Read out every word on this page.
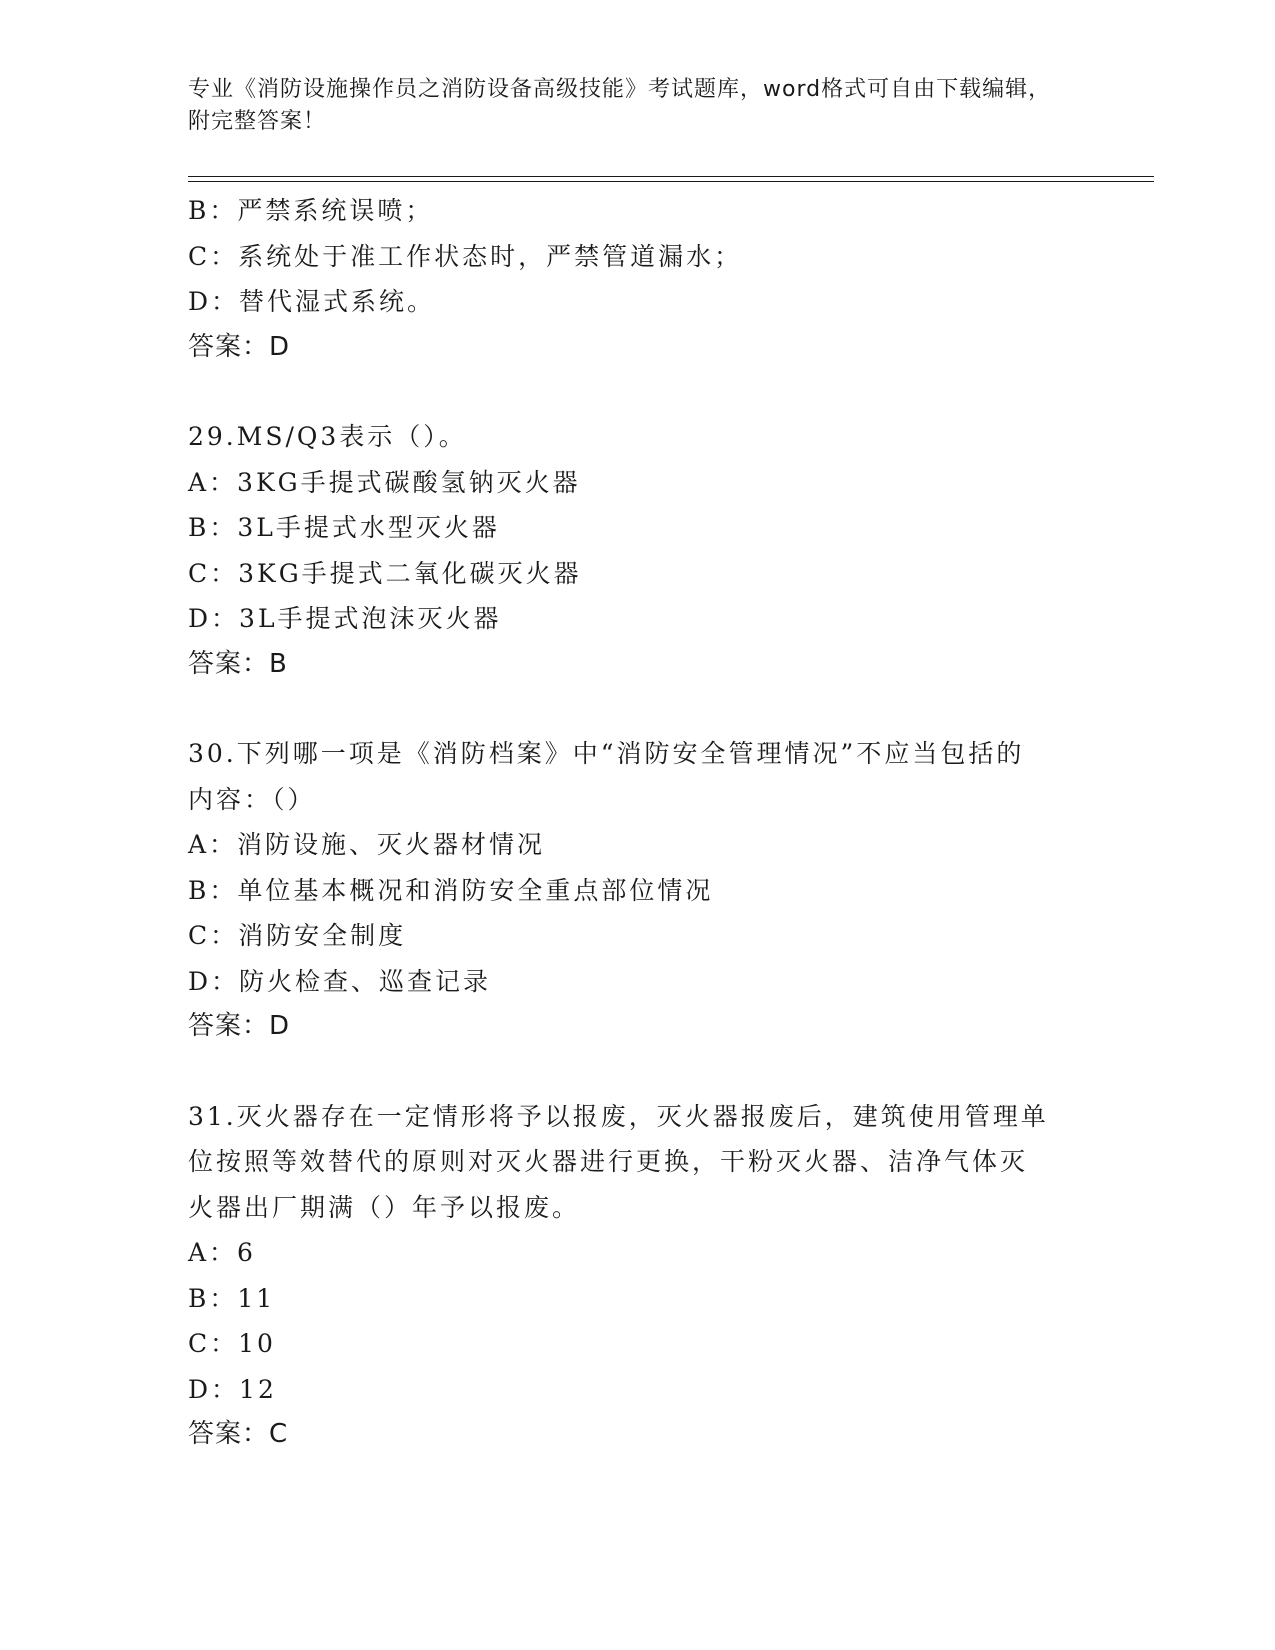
专业《消防设施操作员之消防设备高级技能》考试题库，word格式可自由下载编辑，附完整答案！
B：严禁系统误喷；
C：系统处于准工作状态时，严禁管道漏水；
D：替代湿式系统。
答案：D
29.MS/Q3表示（）。
A：3KG手提式碳酸氢钠灭火器
B：3L手提式水型灭火器
C：3KG手提式二氧化碳灭火器
D：3L手提式泡沫灭火器
答案：B
30.下列哪一项是《消防档案》中“消防安全管理情况”不应当包括的
内容：（）
A：消防设施、灭火器材情况
B：单位基本概况和消防安全重点部位情况
C：消防安全制度
D：防火检查、巡查记录
答案：D
31.灭火器存在一定情形将予以报废，灭火器报废后，建筑使用管理单
位按照等效替代的原则对灭火器进行更换，干粉灭火器、洁净气体灭
火器出厂期满（）年予以报废。
A：6
B：11
C：10
D：12
答案：C
